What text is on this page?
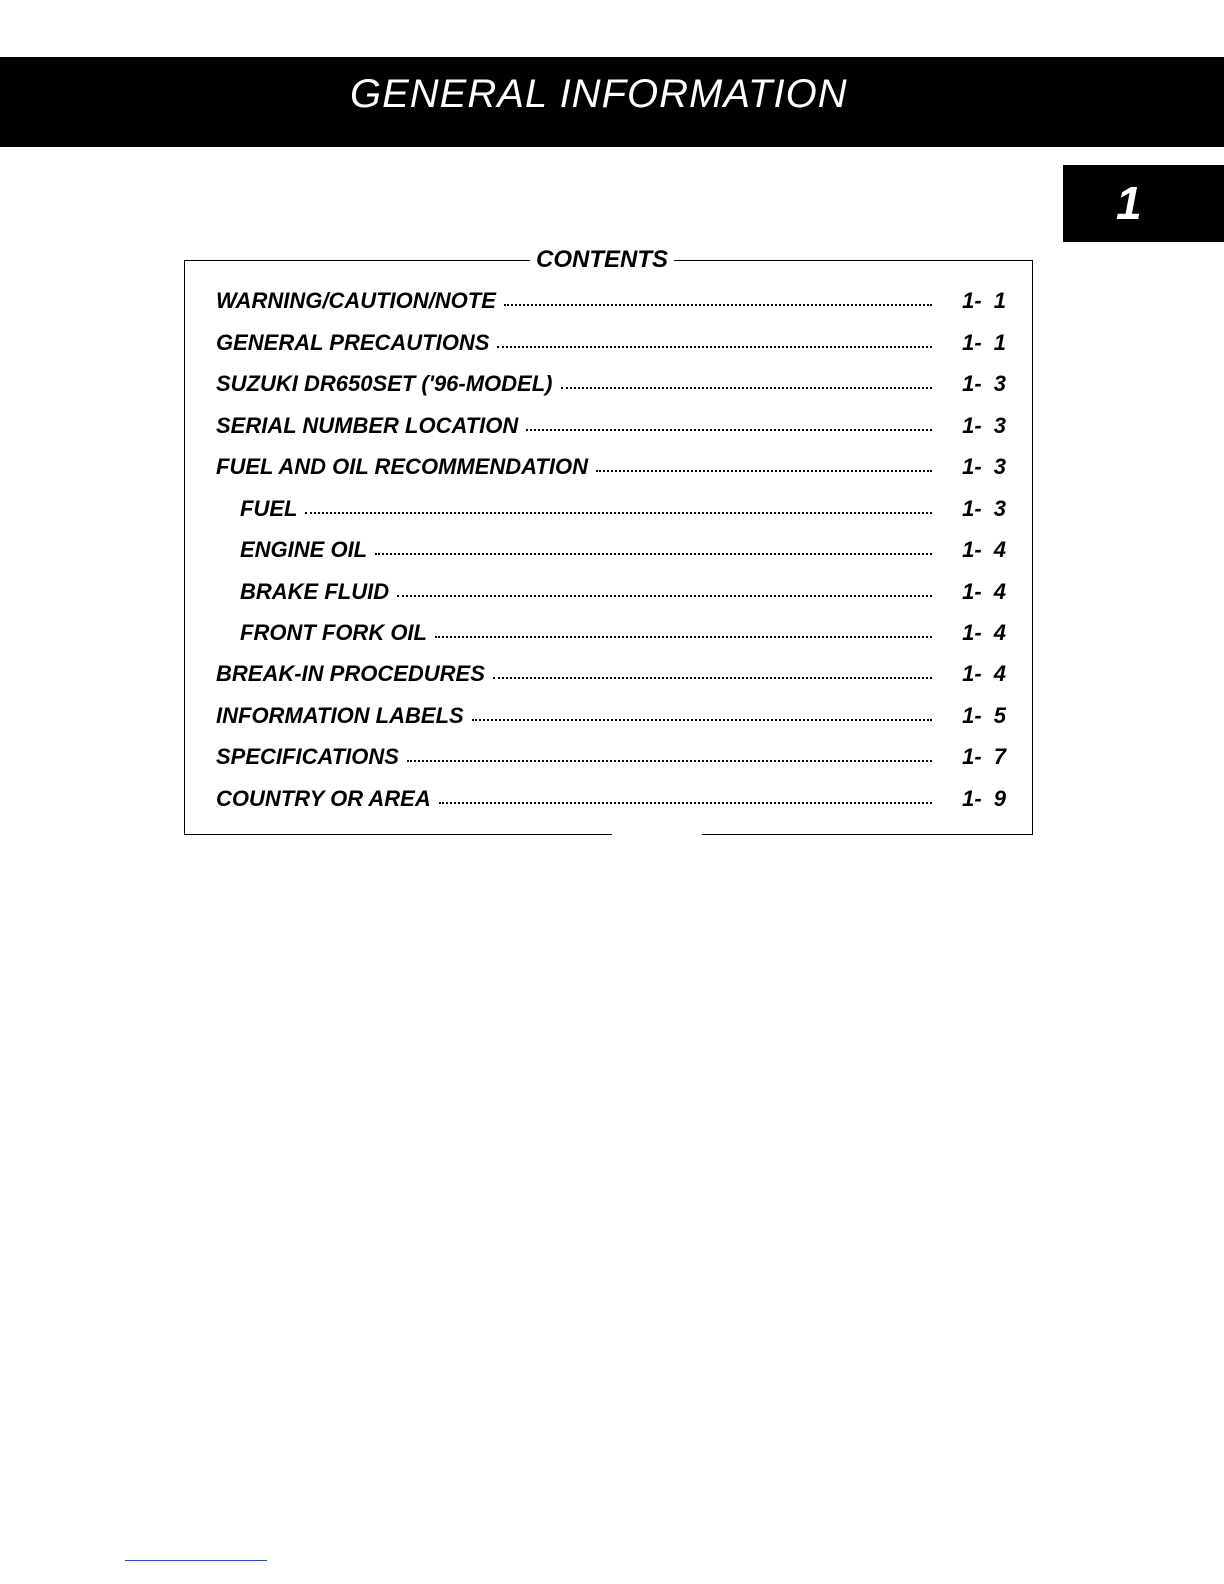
GENERAL INFORMATION
1
CONTENTS
WARNING/CAUTION/NOTE	1- 1
GENERAL PRECAUTIONS	1- 1
SUZUKI DR650SET ('96-MODEL)	1- 3
SERIAL NUMBER LOCATION	1- 3
FUEL AND OIL RECOMMENDATION	1- 3
FUEL	1- 3
ENGINE OIL	1- 4
BRAKE FLUID	1- 4
FRONT FORK OIL	1- 4
BREAK-IN PROCEDURES	1- 4
INFORMATION LABELS	1- 5
SPECIFICATIONS	1- 7
COUNTRY OR AREA	1- 9
